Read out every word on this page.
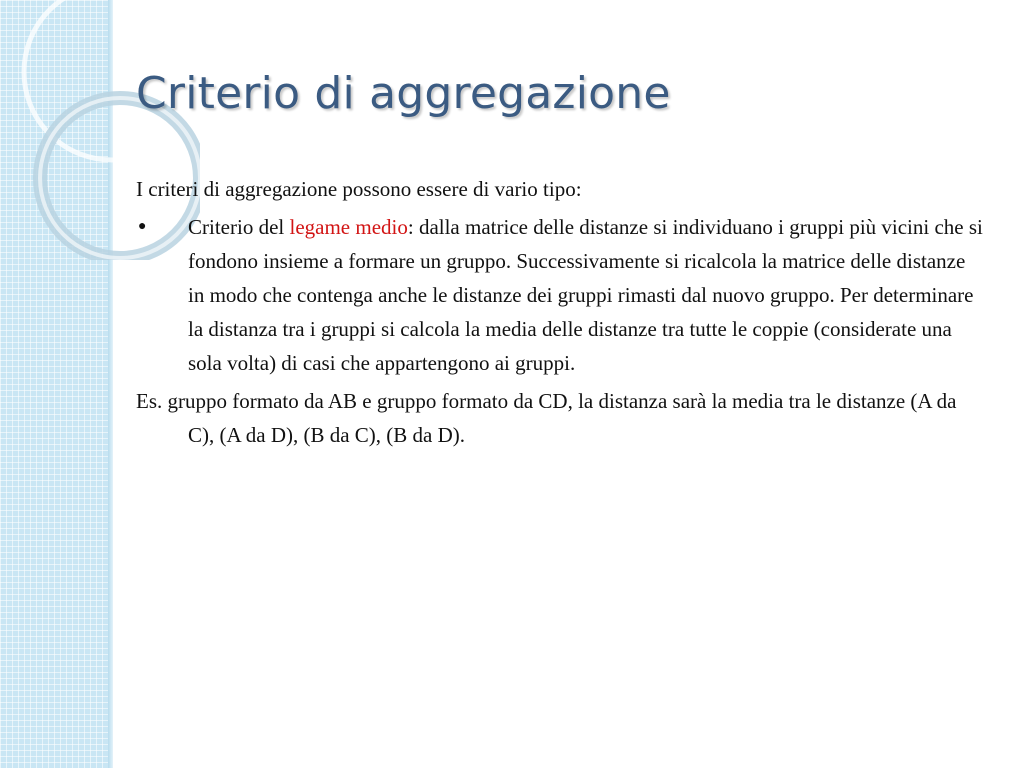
Criterio di aggregazione

I criteri di aggregazione possono essere di vario tipo:

●	Criterio del legame medio: dalla matrice delle distanze si individuano i gruppi più vicini che si fondono insieme a formare un gruppo. Successivamente si ricalcola la matrice delle distanze in modo che contenga anche le distanze dei gruppi rimasti dal nuovo gruppo. Per determinare la distanza tra i gruppi si calcola la media delle distanze tra tutte le coppie (considerate una sola volta) di casi che appartengono ai gruppi.

Es. gruppo formato da AB e gruppo formato da CD, la distanza sarà la media tra le distanze (A da C), (A da D), (B da C), (B da D).
